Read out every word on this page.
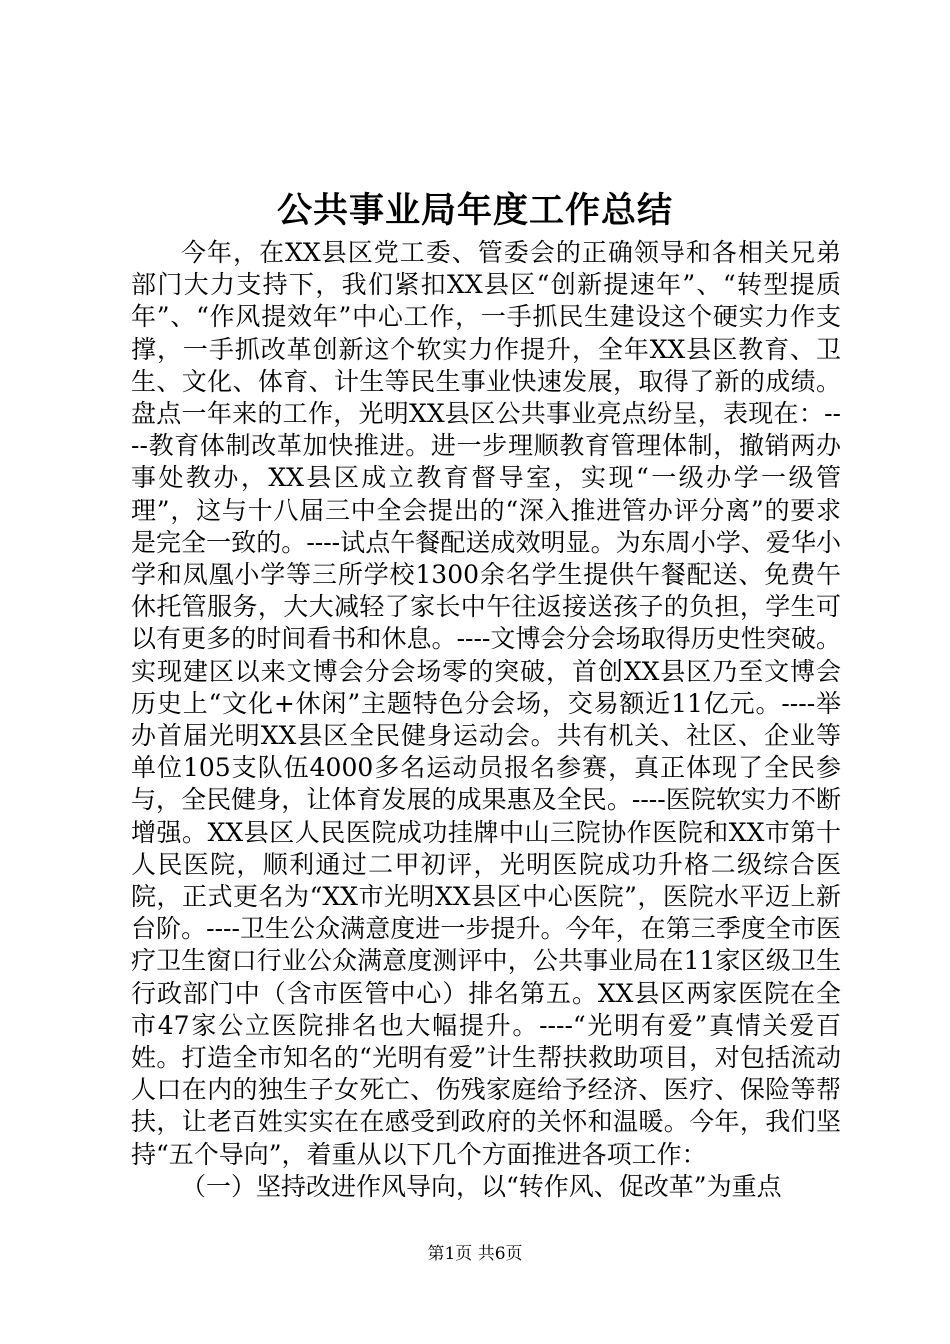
公共事业局年度工作总结

今年，在XX县区党工委、管委会的正确领导和各相关兄弟部门大力支持下，我们紧扣XX县区“创新提速年”、“转型提质年”、“作风提效年”中心工作，一手抓民生建设这个硬实力作支撑，一手抓改革创新这个软实力作提升，全年XX县区教育、卫生、文化、体育、计生等民生事业快速发展，取得了新的成绩。盘点一年来的工作，光明XX县区公共事业亮点纷呈，表现在：----教育体制改革加快推进。进一步理顺教育管理体制，撤销两办事处教办，XX县区成立教育督导室，实现“一级办学一级管理”，这与十八届三中全会提出的“深入推进管办评分离”的要求是完全一致的。----试点午餐配送成效明显。为东周小学、爱华小学和凤凰小学等三所学校1300余名学生提供午餐配送、免费午休托管服务，大大减轻了家长中午往返接送孩子的负担，学生可以有更多的时间看书和休息。----文博会分会场取得历史性突破。实现建区以来文博会分会场零的突破，首创XX县区乃至文博会历史上“文化+休闲”主题特色分会场，交易额近11亿元。----举办首届光明XX县区全民健身运动会。共有机关、社区、企业等单位105支队伍4000多名运动员报名参赛，真正体现了全民参与，全民健身，让体育发展的成果惠及全民。----医院软实力不断增强。XX县区人民医院成功挂牌中山三院协作医院和XX市第十人民医院，顺利通过二甲初评，光明医院成功升格二级综合医院，正式更名为“XX市光明XX县区中心医院”，医院水平迈上新台阶。----卫生公众满意度进一步提升。今年，在第三季度全市医疗卫生窗口行业公众满意度测评中，公共事业局在11家区级卫生行政部门中（含市医管中心）排名第五。XX县区两家医院在全市47家公立医院排名也大幅提升。----“光明有爱”真情关爱百姓。打造全市知名的“光明有爱”计生帮扶救助项目，对包括流动人口在内的独生子女死亡、伤残家庭给予经济、医疗、保险等帮扶，让老百姓实实在在感受到政府的关怀和温暖。今年，我们坚持“五个导向”，着重从以下几个方面推进各项工作：

（一）坚持改进作风导向，以“转作风、促改革”为重点

第1页 共6页
